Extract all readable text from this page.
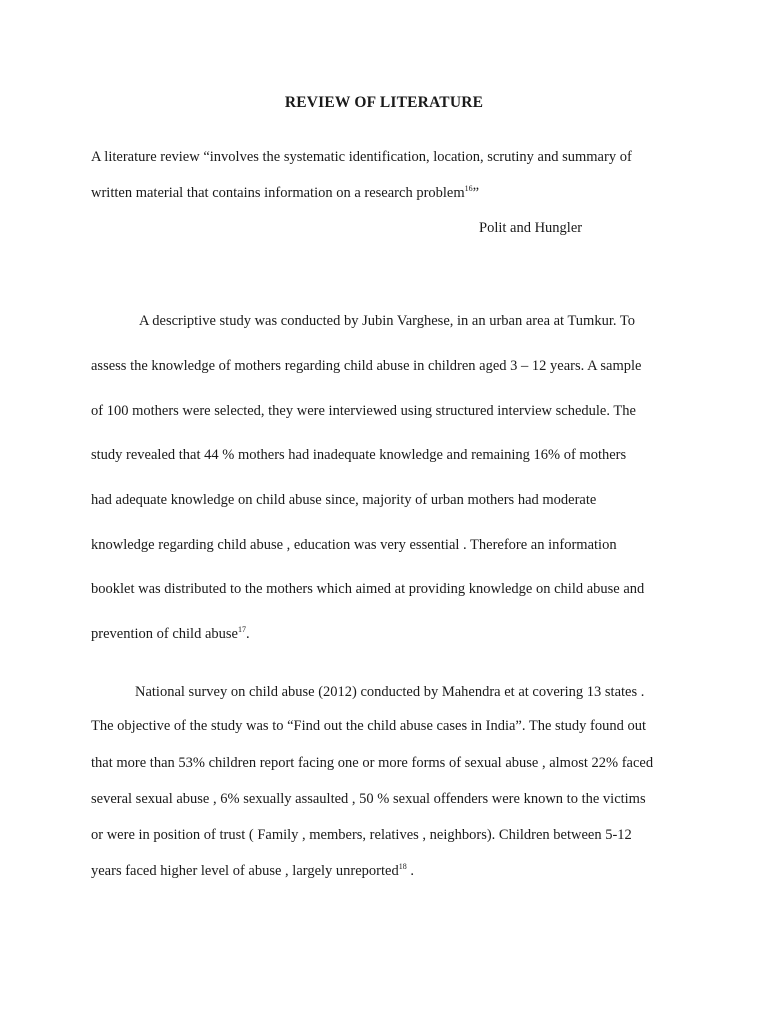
REVIEW OF LITERATURE
A literature review “involves the systematic identification, location, scrutiny and summary of
written material that contains information on a research problem$^{16}$”
Polit and Hungler
A descriptive study was conducted by Jubin Varghese, in an urban area at Tumkur. To
assess the knowledge of mothers regarding child abuse in children aged 3 – 12 years. A sample
of 100 mothers were selected, they were interviewed using structured interview schedule. The
study revealed that 44 % mothers had inadequate knowledge and remaining 16% of mothers
had adequate knowledge on child abuse since, majority of urban mothers had moderate
knowledge regarding child abuse , education was very essential . Therefore an information
booklet was distributed to the mothers which aimed at providing knowledge on child abuse and
prevention of child abuse$^{17}$.
National survey on child abuse (2012) conducted by Mahendra et at covering 13 states .
The objective of the study was to “Find out the child abuse cases in India”. The study found out
that more than 53% children report facing one or more forms of sexual abuse , almost 22% faced
several sexual abuse , 6% sexually assaulted , 50 % sexual offenders were known to the victims
or were in position of trust ( Family , members, relatives , neighbors). Children between 5-12
years faced higher level of abuse , largely unreported$^{18}$ .
